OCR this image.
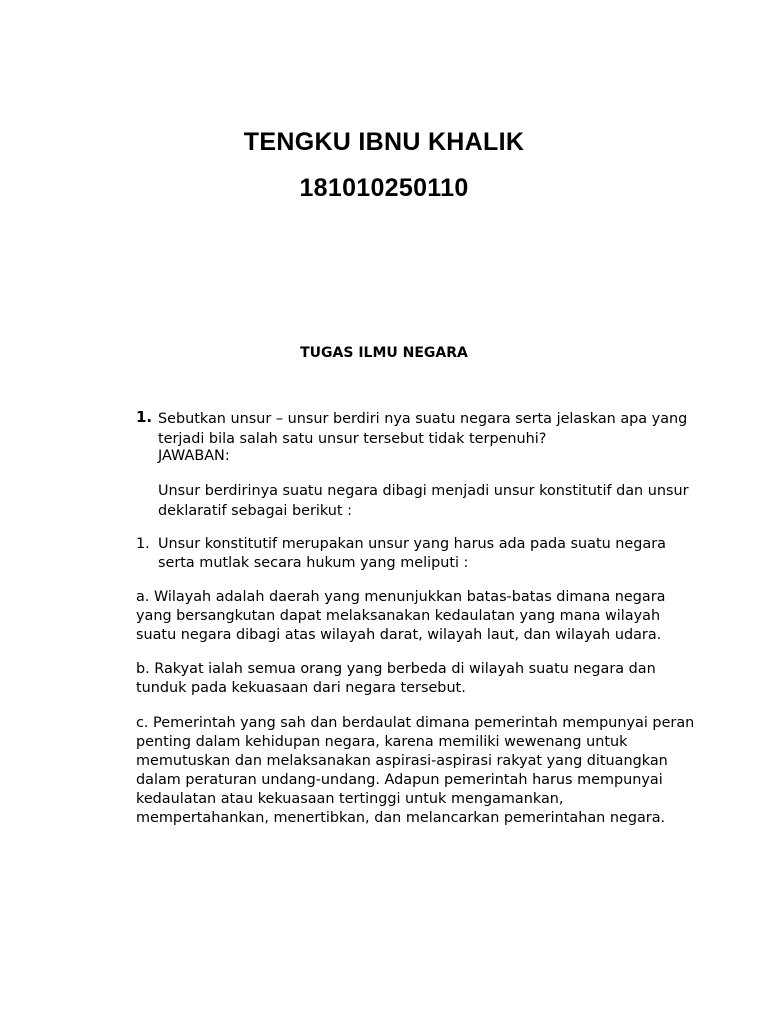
TENGKU IBNU KHALIK
181010250110
TUGAS ILMU NEGARA
1. Sebutkan unsur – unsur berdiri nya suatu negara serta jelaskan apa yang
terjadi bila salah satu unsur tersebut tidak terpenuhi?
JAWABAN:
Unsur berdirinya suatu negara dibagi menjadi unsur konstitutif dan unsur
deklaratif sebagai berikut :
1. Unsur konstitutif merupakan unsur yang harus ada pada suatu negara
serta mutlak secara hukum yang meliputi :
a. Wilayah adalah daerah yang menunjukkan batas-batas dimana negara
yang bersangkutan dapat melaksanakan kedaulatan yang mana wilayah
suatu negara dibagi atas wilayah darat, wilayah laut, dan wilayah udara.
b. Rakyat ialah semua orang yang berbeda di wilayah suatu negara dan
tunduk pada kekuasaan dari negara tersebut.
c. Pemerintah yang sah dan berdaulat dimana pemerintah mempunyai peran
penting dalam kehidupan negara, karena memiliki wewenang untuk
memutuskan dan melaksanakan aspirasi-aspirasi rakyat yang dituangkan
dalam peraturan undang-undang. Adapun pemerintah harus mempunyai
kedaulatan atau kekuasaan tertinggi untuk mengamankan,
mempertahankan, menertibkan, dan melancarkan pemerintahan negara.
